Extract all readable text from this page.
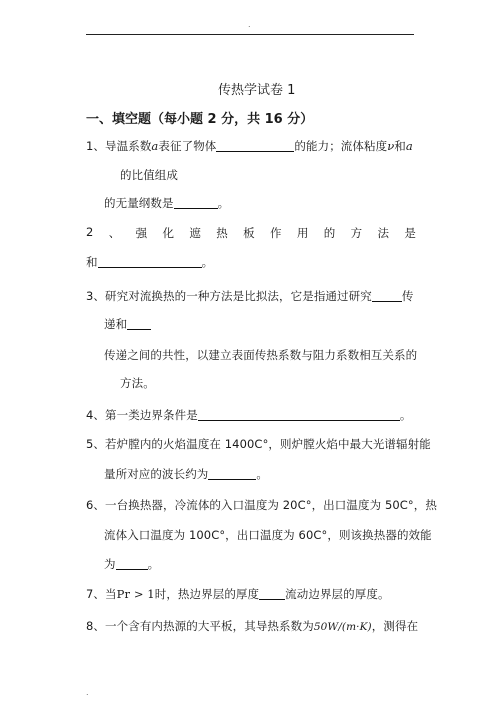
.
传热学试卷 1
一、填空题（每小题 2 分，共 16 分）
1、导温系数a表征了物体	的能力；流体粘度ν和a
的比值组成
的无量纲数是	。
2 、 强 化 遮 热 板 作 用 的 方 法 是
和	。
3、研究对流换热的一种方法是比拟法，它是指通过研究	传
递和
传递之间的共性，以建立表面传热系数与阻力系数相互关系的
方法。
4、第一类边界条件是	。
5、若炉膛内的火焰温度在 1400C°，则炉膛火焰中最大光谱辐射能
量所对应的波长约为	。
6、一台换热器，冷流体的入口温度为 20C°，出口温度为 50C°，热
流体入口温度为 100C°，出口温度为 60C°，则该换热器的效能
为	。
7、当Pr > 1时，热边界层的厚度 流动边界层的厚度。
8、一个含有内热源的大平板，其导热系数为50W/(m·K)，测得在
.
